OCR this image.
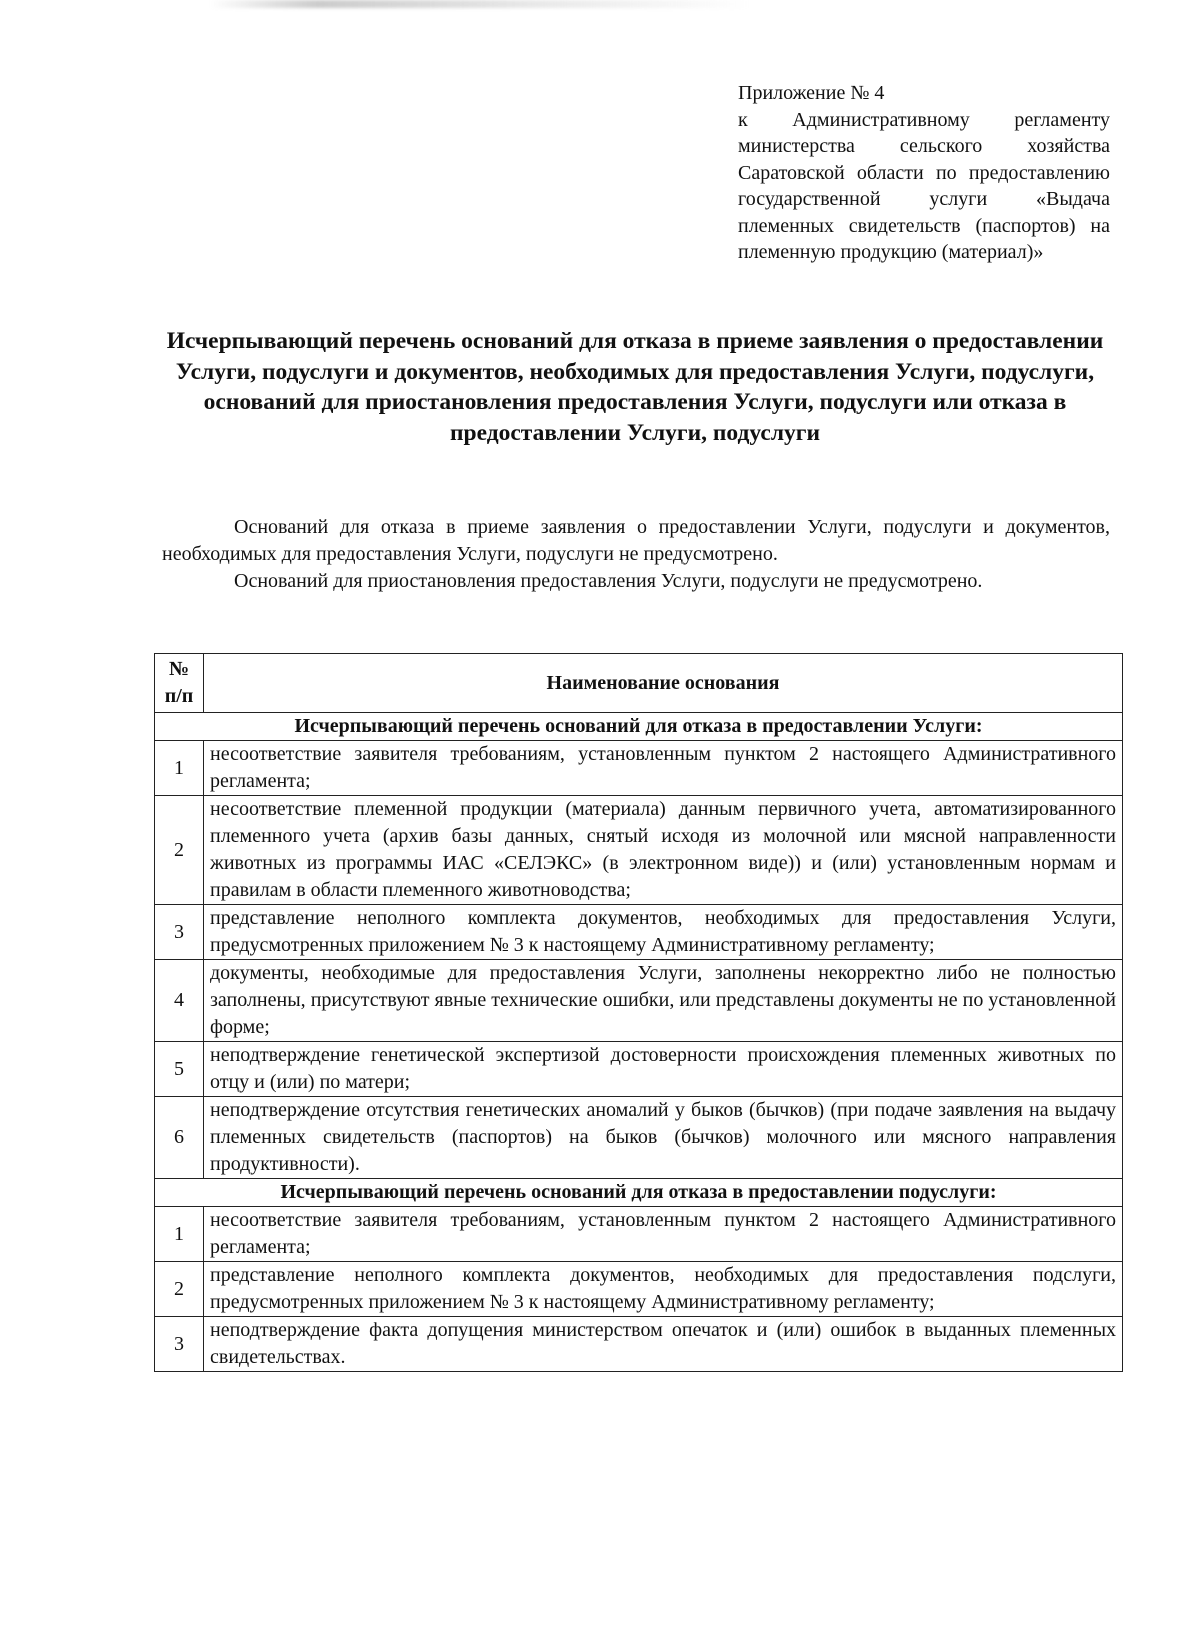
Приложение № 4
к Административному регламенту министерства сельского хозяйства Саратовской области по предоставлению государственной услуги «Выдача племенных свидетельств (паспортов) на племенную продукцию (материал)»
Исчерпывающий перечень оснований для отказа в приеме заявления о предоставлении Услуги, подуслуги и документов, необходимых для предоставления Услуги, подуслуги, оснований для приостановления предоставления Услуги, подуслуги или отказа в предоставлении Услуги, подуслуги

Оснований для отказа в приеме заявления о предоставлении Услуги, подуслуги и документов, необходимых для предоставления Услуги, подуслуги не предусмотрено.

Оснований для приостановления предоставления Услуги, подуслуги не предусмотрено.

№
п/п	Наименование основания
Исчерпывающий перечень оснований для отказа в предоставлении Услуги:	
1	несоответствие заявителя требованиям, установленным пунктом 2 настоящего Административного регламента;
2	несоответствие племенной продукции (материала) данным первичного учета, автоматизированного племенного учета (архив базы данных, снятый исходя из молочной или мясной направленности животных из программы ИАС «СЕЛЭКС» (в электронном виде)) и (или) установленным нормам и правилам в области племенного животноводства;
3	представление неполного комплекта документов, необходимых для предоставления Услуги, предусмотренных приложением № 3 к настоящему Административному регламенту;
4	документы, необходимые для предоставления Услуги, заполнены некорректно либо не полностью заполнены, присутствуют явные технические ошибки, или представлены документы не по установленной форме;
5	неподтверждение генетической экспертизой достоверности происхождения племенных животных по отцу и (или) по матери;
6	неподтверждение отсутствия генетических аномалий у быков (бычков) (при подаче заявления на выдачу племенных свидетельств (паспортов) на быков (бычков) молочного или мясного направления продуктивности).
Исчерпывающий перечень оснований для отказа в предоставлении подуслуги:	
1	несоответствие заявителя требованиям, установленным пунктом 2 настоящего Административного регламента;
2	представление неполного комплекта документов, необходимых для предоставления подслуги, предусмотренных приложением № 3 к настоящему Административному регламенту;
3	неподтверждение факта допущения министерством опечаток и (или) ошибок в выданных племенных свидетельствах.
